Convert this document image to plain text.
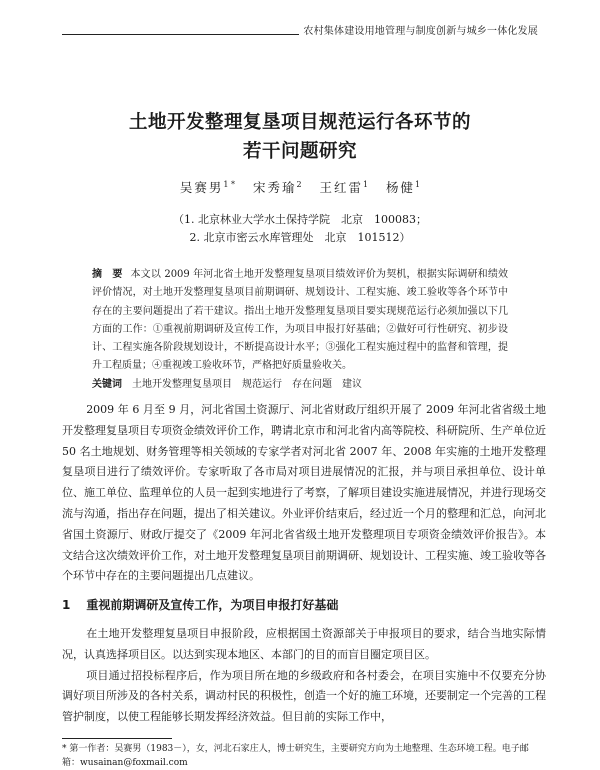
农村集体建设用地管理与制度创新与城乡一体化发展
土地开发整理复垦项目规范运行各环节的
若干问题研究
吴赛男$^{1 *}$ 宋秀瑜$^2$ 王红雷$^1$ 杨健$^1$
（1. 北京林业大学水土保持学院　北京　100083；
2. 北京市密云水库管理处　北京　101512）
摘　要 本文以 2009 年河北省土地开发整理复垦项目绩效评价为契机，根据实际调研和绩效评价情况，对土地开发整理复垦项目前期调研、规划设计、工程实施、竣工验收等各个环节中存在的主要问题提出了若干建议。指出土地开发整理复垦项目要实现规范运行必须加强以下几方面的工作：①重视前期调研及宣传工作，为项目申报打好基础；②做好可行性研究、初步设计、工程实施各阶段规划设计，不断提高设计水平；③强化工程实施过程中的监督和管理，提升工程质量；④重视竣工验收环节，严格把好质量验收关。
关键词 土地开发整理复垦项目 规范运行 存在问题 建议

2009 年 6 月至 9 月，河北省国土资源厅、河北省财政厅组织开展了 2009 年河北省省级土地开发整理复垦项目专项资金绩效评价工作，聘请北京市和河北省内高等院校、科研院所、生产单位近 50 名土地规划、财务管理等相关领域的专家学者对河北省 2007 年、2008 年实施的土地开发整理复垦项目进行了绩效评价。专家听取了各市局对项目进展情况的汇报，并与项目承担单位、设计单位、施工单位、监理单位的人员一起到实地进行了考察，了解项目建设实施进展情况，并进行现场交流与沟通，指出存在问题，提出了相关建议。外业评价结束后，经过近一个月的整理和汇总，向河北省国土资源厅、财政厅提交了《2009 年河北省省级土地开发整理项目专项资金绩效评价报告》。本文结合这次绩效评价工作，对土地开发整理复垦项目前期调研、规划设计、工程实施、竣工验收等各个环节中存在的主要问题提出几点建议。

1 重视前期调研及宣传工作，为项目申报打好基础

在土地开发整理复垦项目申报阶段，应根据国土资源部关于申报项目的要求，结合当地实际情况，认真选择项目区。以达到实现本地区、本部门的目的而盲目圈定项目区。

项目通过招投标程序后，作为项目所在地的乡级政府和各村委会，在项目实施中不仅要充分协调好项目所涉及的各村关系，调动村民的积极性，创造一个好的施工环境，还要制定一个完善的工程管护制度，以使工程能够长期发挥经济效益。但目前的实际工作中，

* 第一作者：吴赛男（1983－），女，河北石家庄人，博士研究生，主要研究方向为土地整理、生态环境工程。电子邮箱：wusainan@foxmail.com
